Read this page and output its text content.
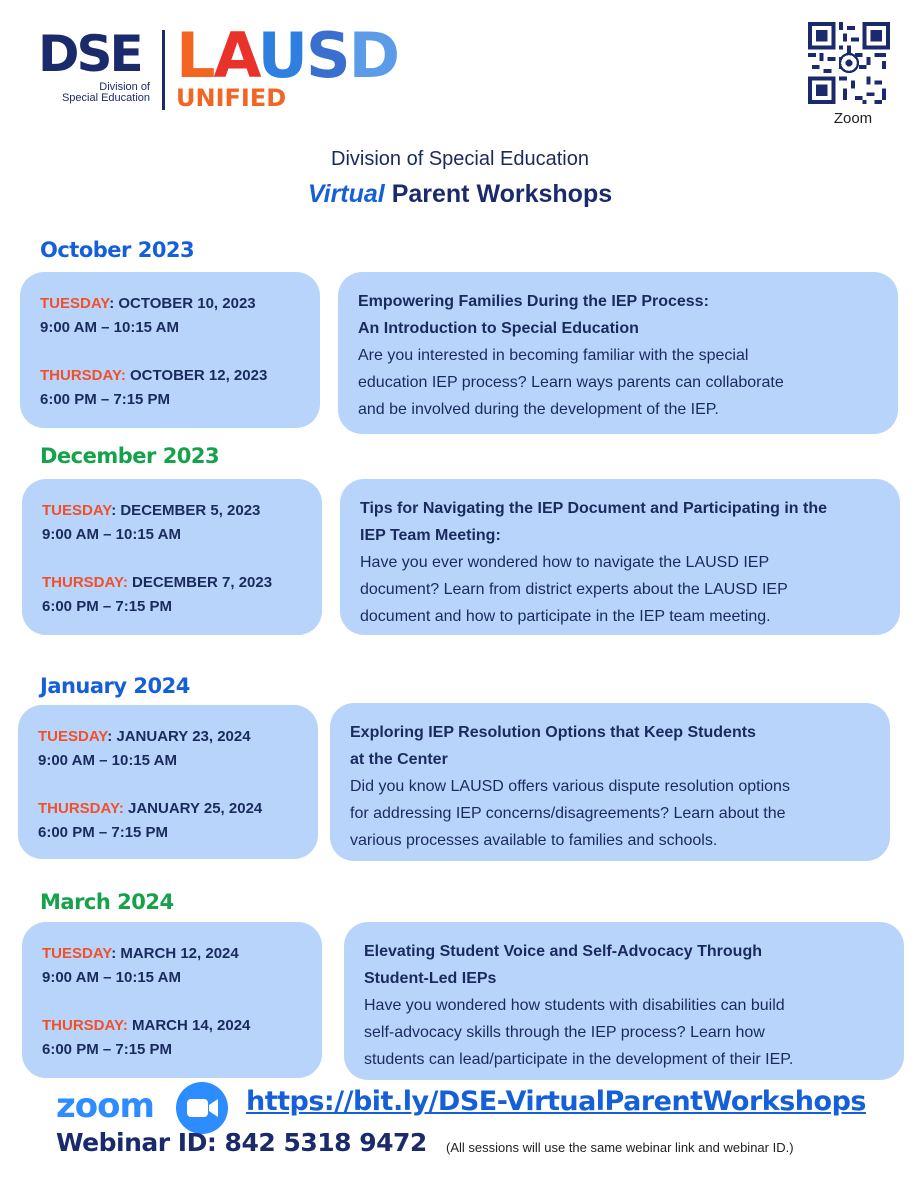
DSE
Division of
Special Education
LAUSD
UNIFIED
Zoom
Division of Special Education
Virtual Parent Workshops
October 2023
TUESDAY: OCTOBER 10, 2023
9:00 AM – 10:15 AM
THURSDAY: OCTOBER 12, 2023
6:00 PM – 7:15 PM
Empowering Families During the IEP Process:
An Introduction to Special Education
Are you interested in becoming familiar with the special
education IEP process? Learn ways parents can collaborate
and be involved during the development of the IEP.
December 2023
TUESDAY: DECEMBER 5, 2023
9:00 AM – 10:15 AM
THURSDAY: DECEMBER 7, 2023
6:00 PM – 7:15 PM
Tips for Navigating the IEP Document and Participating in the
IEP Team Meeting:
Have you ever wondered how to navigate the LAUSD IEP
document? Learn from district experts about the LAUSD IEP
document and how to participate in the IEP team meeting.
January 2024
TUESDAY: JANUARY 23, 2024
9:00 AM – 10:15 AM
THURSDAY: JANUARY 25, 2024
6:00 PM – 7:15 PM
Exploring IEP Resolution Options that Keep Students
at the Center
Did you know LAUSD offers various dispute resolution options
for addressing IEP concerns/disagreements? Learn about the
various processes available to families and schools.
March 2024
TUESDAY: MARCH 12, 2024
9:00 AM – 10:15 AM
THURSDAY: MARCH 14, 2024
6:00 PM – 7:15 PM
Elevating Student Voice and Self-Advocacy Through
Student-Led IEPs
Have you wondered how students with disabilities can build
self-advocacy skills through the IEP process? Learn how
students can lead/participate in the development of their IEP.
zoom	https://bit.ly/DSE-VirtualParentWorkshops
Webinar ID: 842 5318 9472 (All sessions will use the same webinar link and webinar ID.)
